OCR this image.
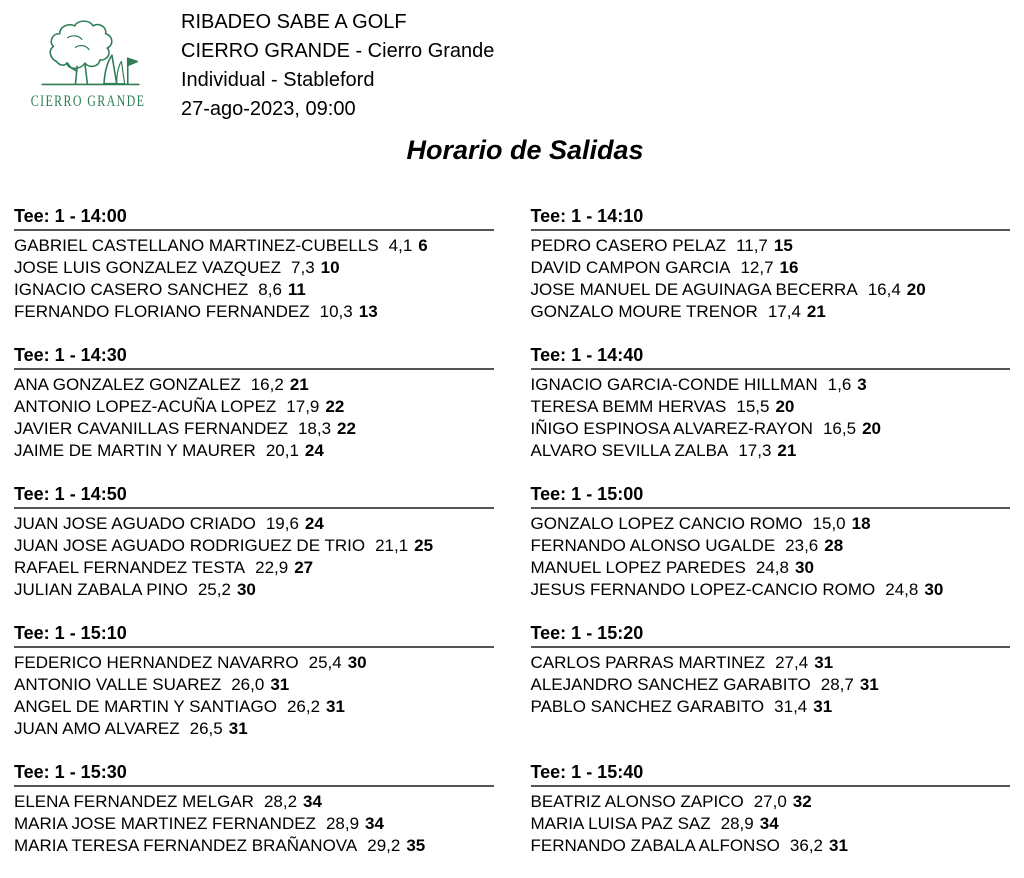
CIERRO GRANDE
RIBADEO SABE A GOLF
CIERRO GRANDE - Cierro Grande
Individual - Stableford
27-ago-2023, 09:00
Horario de Salidas
Tee: 1 - 14:00
GABRIEL CASTELLANO MARTINEZ-CUBELLS 4,1 6
JOSE LUIS GONZALEZ VAZQUEZ 7,3 10
IGNACIO CASERO SANCHEZ 8,6 11
FERNANDO FLORIANO FERNANDEZ 10,3 13
Tee: 1 - 14:10
PEDRO CASERO PELAZ 11,7 15
DAVID CAMPON GARCIA 12,7 16
JOSE MANUEL DE AGUINAGA BECERRA 16,4 20
GONZALO MOURE TRENOR 17,4 21
Tee: 1 - 14:30
ANA GONZALEZ GONZALEZ 16,2 21
ANTONIO LOPEZ-ACUÑA LOPEZ 17,9 22
JAVIER CAVANILLAS FERNANDEZ 18,3 22
JAIME DE MARTIN Y MAURER 20,1 24
Tee: 1 - 14:40
IGNACIO GARCIA-CONDE HILLMAN 1,6 3
TERESA BEMM HERVAS 15,5 20
IÑIGO ESPINOSA ALVAREZ-RAYON 16,5 20
ALVARO SEVILLA ZALBA 17,3 21
Tee: 1 - 14:50
JUAN JOSE AGUADO CRIADO 19,6 24
JUAN JOSE AGUADO RODRIGUEZ DE TRIO 21,1 25
RAFAEL FERNANDEZ TESTA 22,9 27
JULIAN ZABALA PINO 25,2 30
Tee: 1 - 15:00
GONZALO LOPEZ CANCIO ROMO 15,0 18
FERNANDO ALONSO UGALDE 23,6 28
MANUEL LOPEZ PAREDES 24,8 30
JESUS FERNANDO LOPEZ-CANCIO ROMO 24,8 30
Tee: 1 - 15:10
FEDERICO HERNANDEZ NAVARRO 25,4 30
ANTONIO VALLE SUAREZ 26,0 31
ANGEL DE MARTIN Y SANTIAGO 26,2 31
JUAN AMO ALVAREZ 26,5 31
Tee: 1 - 15:20
CARLOS PARRAS MARTINEZ 27,4 31
ALEJANDRO SANCHEZ GARABITO 28,7 31
PABLO SANCHEZ GARABITO 31,4 31
Tee: 1 - 15:30
ELENA FERNANDEZ MELGAR 28,2 34
MARIA JOSE MARTINEZ FERNANDEZ 28,9 34
MARIA TERESA FERNANDEZ BRAÑANOVA 29,2 35
Tee: 1 - 15:40
BEATRIZ ALONSO ZAPICO 27,0 32
MARIA LUISA PAZ SAZ 28,9 34
FERNANDO ZABALA ALFONSO 36,2 31
